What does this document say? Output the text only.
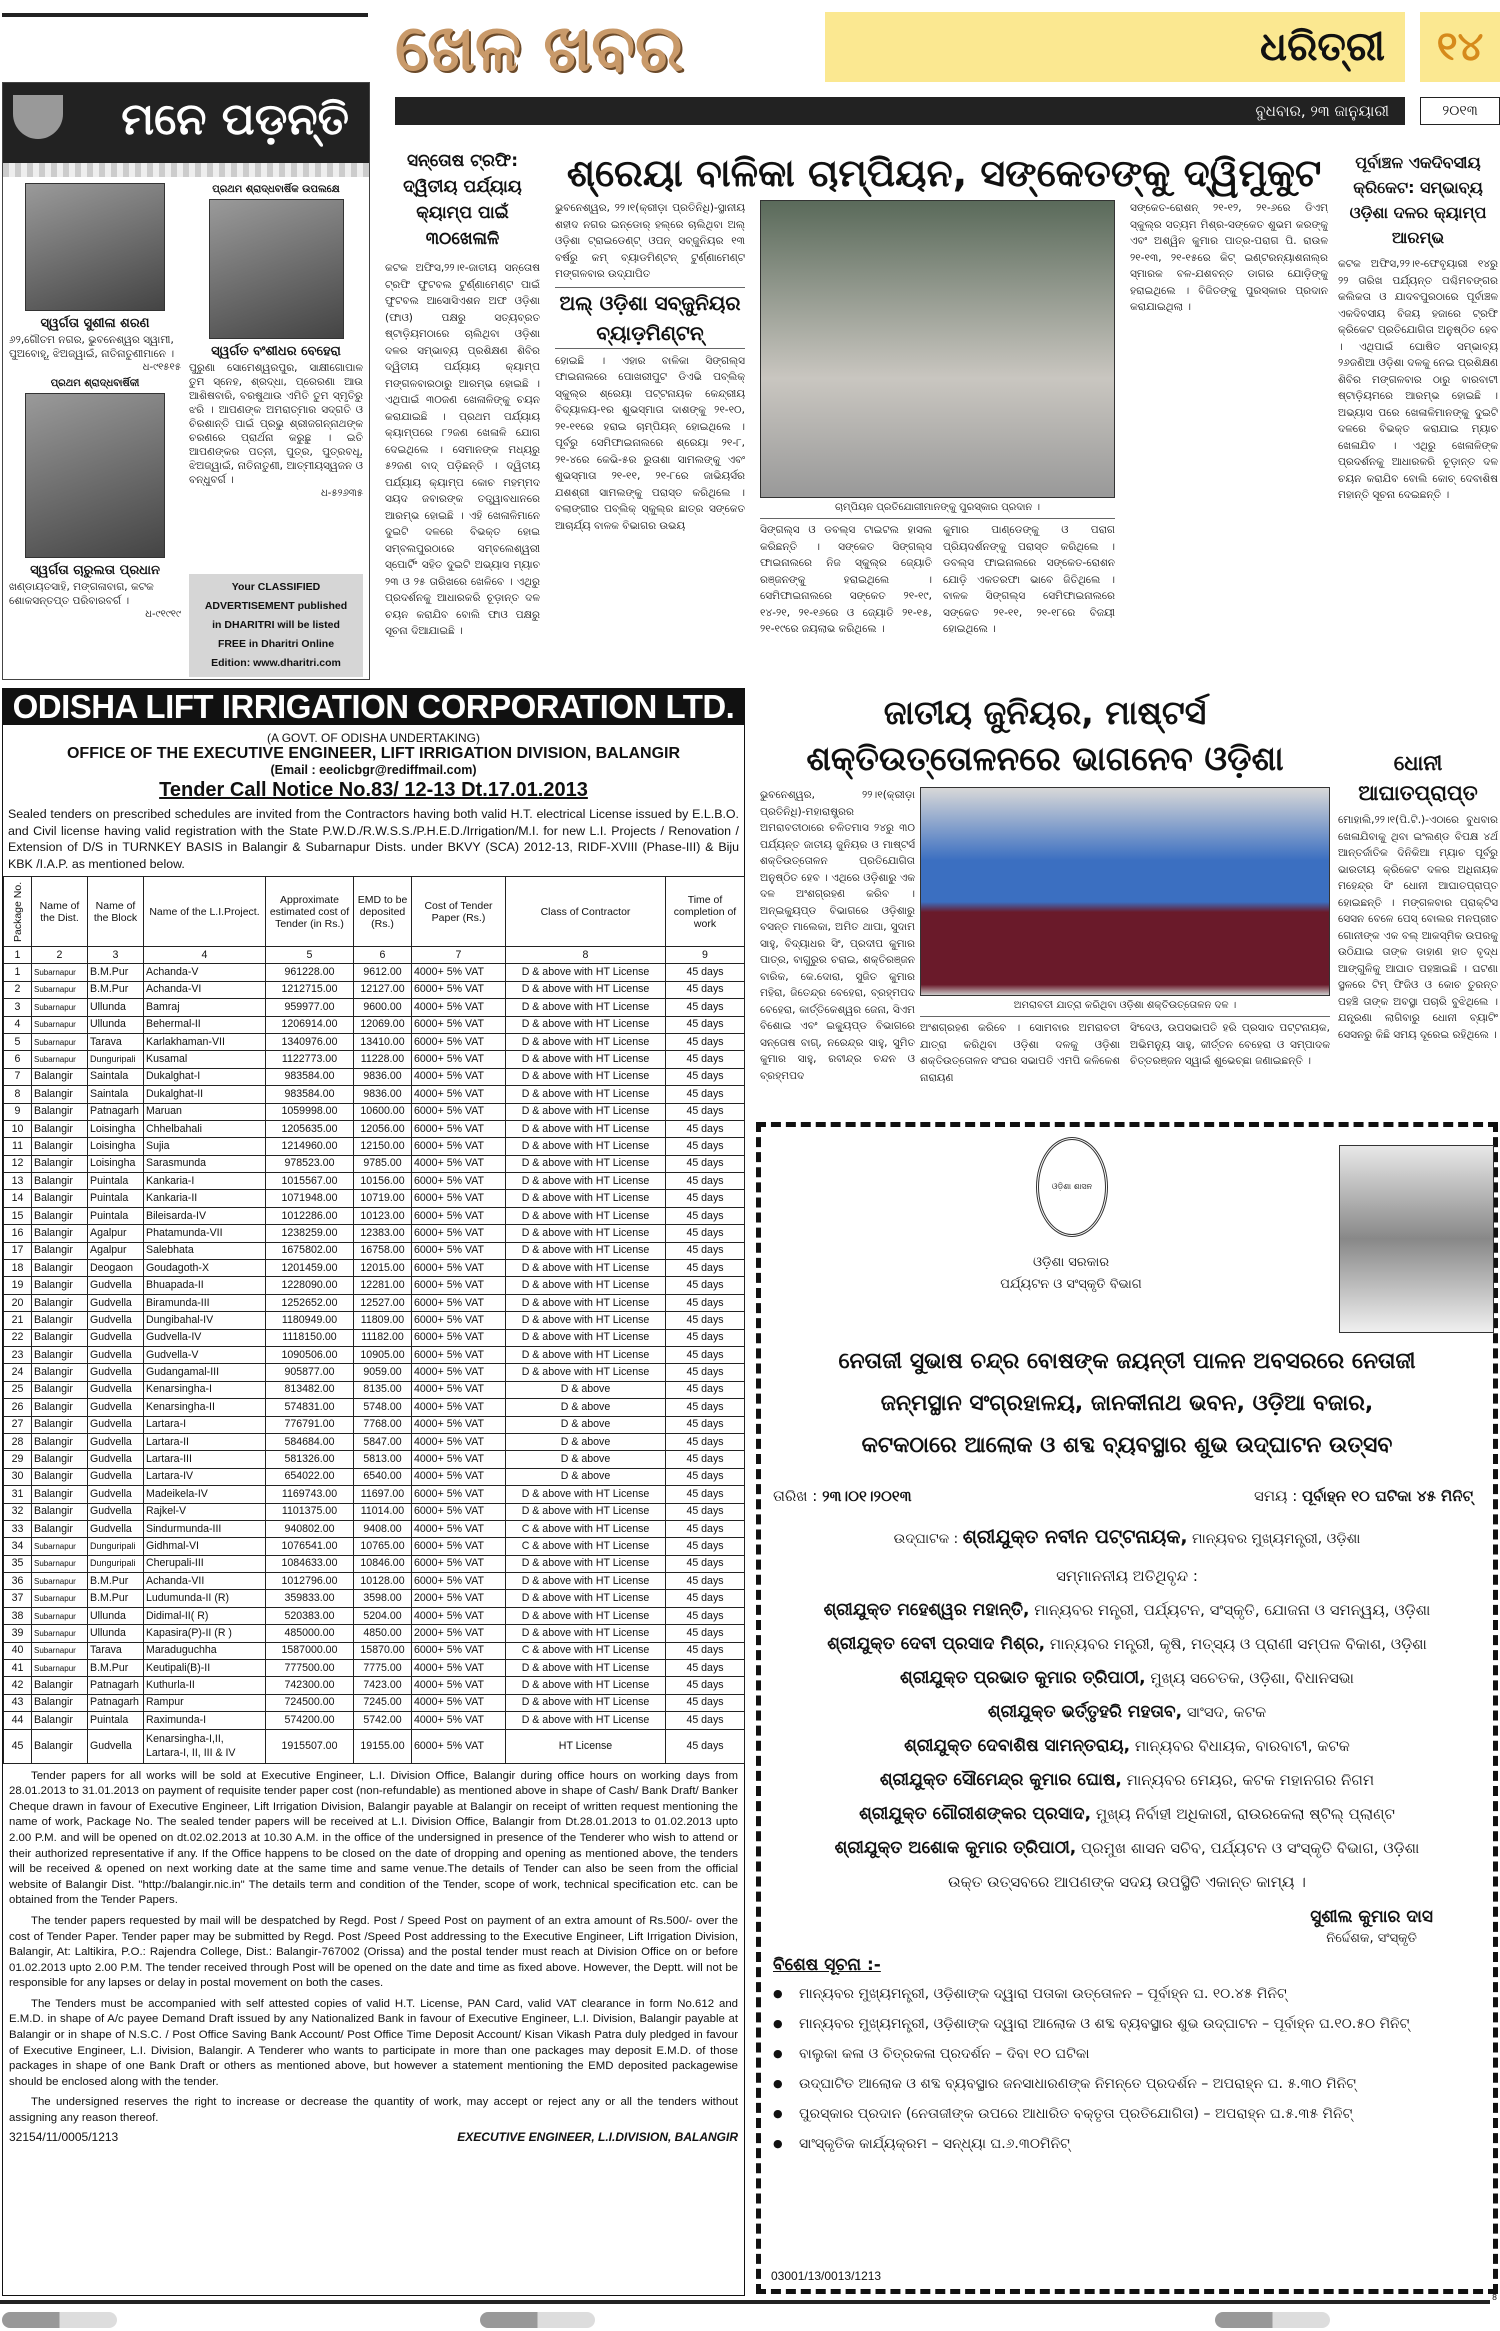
ଖେଳ ଖବର	ଧରିତ୍ରୀ	୧୪
ବୁଧବାର, ୨୩ ଜାନୁୟାରୀ	୨୦୧୩
ମନେ ପଡ଼ନ୍ତି
ସ୍ୱର୍ଗତା ସୁଶୀଳା ଶରଣ
୬୨,ଗୌତମ ନଗର, ଭୁବନେଶ୍ୱର ସ୍ୱାମୀ, ପୁଅବୋହୂ, ଝିଅଜ୍ୱାଇଁ, ନାତିନାତୁଣୀମାନେ ।
ଧ-୯୧୫୧୫
ପ୍ରଥମ ଶ୍ରାଦ୍ଧବାର୍ଷିକୀ
ସ୍ୱର୍ଗତା ଚାରୁଲତା ପ୍ରଧାନ
ଖଣ୍ଡାୟତସାହି, ମଙ୍ଗଳାବାଗ, କଟକ ଶୋକସନ୍ତପ୍ତ ପରିବାରବର୍ଗ ।
ଧ-୯୧୯୧୯
ପ୍ରଥମ ଶ୍ରାଦ୍ଧବାର୍ଷିକ ଉପଲକ୍ଷେ
ସ୍ୱର୍ଗତ ବଂଶୀଧର ବେହେରା
ପୁରୁଣା ସୋମେଶ୍ୱରପୁର, ସାକ୍ଷୀଗୋପାଳ ତୁମ ସ୍ନେହ, ଶ୍ରଦ୍ଧା, ପ୍ରେରଣା ଆଉ ଆଶିଷବାରି, ବରଷୁଥାଉ ଏମିତି ତୁମ ସ୍ମୃତିରୁ ଝରି । ଆପଣଙ୍କ ଅମରାତ୍ମାର ସଦ୍‌ଗତି ଓ ଚିରଶାନ୍ତି ପାଇଁ ପ୍ରଭୁ ଶ୍ରୀଜଗନ୍ନାଥଙ୍କ ଚରଣରେ ପ୍ରାର୍ଥନା କରୁଛୁ । ଇତି ଆପଣଙ୍କର ପତ୍ନୀ, ପୁତ୍ର, ପୁତ୍ରବଧୂ, ଝିଅଜ୍ୱାଇଁ, ନାତିନାତୁଣୀ, ଆତ୍ମୀୟସ୍ୱଜନ ଓ ବନ୍ଧୁବର୍ଗ ।
ଧ-୫୨୬୩୫
Your CLASSIFIED
ADVERTISEMENT published
in DHARITRI will be listed
FREE in Dharitri Online
Edition: www.dharitri.com
ସନ୍ତୋଷ ଟ୍ରଫି: ଦ୍ୱିତୀୟ ପର୍ଯ୍ୟାୟ କ୍ୟାମ୍ପ ପାଇଁ ୩୦ଖେଳାଳି
କଟକ ଅଫିସ,୨୨।୧-ଜାତୀୟ ସନ୍ତୋଷ ଟ୍ରଫି ଫୁଟବଲ ଟୁର୍ଣ୍ଣାମେଣ୍ଟ ପାଇଁ ଫୁଟବଲ ଆସୋସିଏଶନ ଅଫ ଓଡ଼ିଶା (ଫାଓ) ପକ୍ଷରୁ ସତ୍ୟବ୍ରତ ଷ୍ଟାଡ଼ିୟମଠାରେ ଚାଲିଥିବା ଓଡ଼ିଶା ଦଳର ସମ୍ଭାବ୍ୟ ପ୍ରଶିକ୍ଷଣ ଶିବିର ଦ୍ୱିତୀୟ ପର୍ଯ୍ୟାୟ କ୍ୟାମ୍ପ ମଙ୍ଗଳବାରଠାରୁ ଆରମ୍ଭ ହୋଇଛି । ଏଥିପାଇଁ ୩୦ଜଣ ଖେଳାଳିଙ୍କୁ ଚୟନ କରାଯାଇଛି । ପ୍ରଥମ ପର୍ଯ୍ୟାୟ କ୍ୟାମ୍ପରେ ୮୨ଜଣ ଖେଳାଳି ଯୋଗ ଦେଇଥିଲେ । ସେମାନଙ୍କ ମଧ୍ୟରୁ ୫୨ଜଣ ବାଦ୍ ପଡ଼ିଛନ୍ତି । ଦ୍ୱିତୀୟ ପର୍ଯ୍ୟାୟ କ୍ୟାମ୍ପ କୋଚ ମହମ୍ମଦ ସୟଦ ଜବାରଙ୍କ ତତ୍ତ୍ୱାବଧାନରେ ଆରମ୍ଭ ହୋଇଛି । ଏହି ଖେଳାଳିମାନେ ଦୁଇଟି ଦଳରେ ବିଭକ୍ତ ହୋଇ ସମ୍ବଲପୁରଠାରେ ସମ୍ବଲେଶ୍ୱରୀ ସ୍ପୋର୍ଟିଂ ସହିତ ଦୁଇଟି ଅଭ୍ୟାସ ମ୍ୟାଚ ୨୩ ଓ ୨୫ ତାରିଖରେ ଖେଳିବେ । ଏଥିରୁ ପ୍ରଦର୍ଶନକୁ ଆଧାରକରି ଚୂଡ଼ାନ୍ତ ଦଳ ଚୟନ କରାଯିବ ବୋଲି ଫାଓ ପକ୍ଷରୁ ସୂଚନା ଦିଆଯାଇଛି ।
ଶ୍ରେୟା ବାଳିକା ଚାମ୍ପିୟନ, ସଙ୍କେତଙ୍କୁ ଦ୍ୱିମୁକୁଟ
ଭୁବନେଶ୍ୱର, ୨୨।୧(କ୍ରୀଡ଼ା ପ୍ରତିନିଧି)-ସ୍ଥାନୀୟ ଶହୀଦ ନଗର ଇନ୍‌ଡୋର୍ ହଲ୍‌ରେ ଚାଲିଥିବା ଅଲ୍ ଓଡ଼ିଶା ଟ୍ରାଇଡେଣ୍ଟ୍ ଓପନ୍ ସବ୍‌ଜୁନିୟର ୧୩ ବର୍ଷରୁ କମ୍ ବ୍ୟାଡମିଣ୍ଟନ୍ ଟୁର୍ଣ୍ଣାମେଣ୍ଟ ମଙ୍ଗଳବାର ଉଦ୍‌ଯାପିତ
ଅଲ୍ ଓଡ଼ିଶା ସବ୍‌ଜୁନିୟର ବ୍ୟାଡ଼ମିଣ୍ଟନ୍
ହୋଇଛି । ଏହାର ବାଳିକା ସିଙ୍ଗଲ୍ସ ଫାଇନାଲରେ ପୋଖରୀପୁଟ ଡିଏଭି ପବ୍ଲିକ୍ ସ୍କୁଲ୍‌ର ଶ୍ରେୟା ପଟ୍ଟନାୟକ କେନ୍ଦ୍ରୀୟ ବିଦ୍ୟାଳୟ-୧ର ଶୁଭସ୍ମାତା ଦାଶଙ୍କୁ ୨୧-୧୦, ୨୧-୧୧ରେ ହରାଇ ଚାମ୍ପିୟନ୍ ହୋଇଥିଲେ । ପୂର୍ବରୁ ସେମିଫାଇନାଲରେ ଶ୍ରେୟା ୨୧-୮, ୨୧-୪ରେ କେଭି-୫ର ରୁତାଶା ସାମଲଙ୍କୁ ଏବଂ ଶୁଭସ୍ମାତା ୨୧-୧୧, ୨୧-୮ରେ ଜାଭିୟର୍ସର ଯଶଶ୍ରୀ ସାମଲଙ୍କୁ ପରାସ୍ତ କରିଥିଲେ । ବଲାଙ୍ଗୀର ପବ୍ଲିକ୍ ସ୍କୁଲ୍‌ର ଛାତ୍ର ସଙ୍କେତ ଆଚାର୍ଯ୍ୟ ବାଳକ ବିଭାଗର ଉଭୟ
ଚାମ୍ପିୟନ ପ୍ରତିଯୋଗୀମାନଙ୍କୁ ପୁରସ୍କାର ପ୍ରଦାନ ।
ସିଙ୍ଗଲ୍ସ ଓ ଡବଲ୍ସ ଟାଇଟଲ ହାସଲ କରିଛନ୍ତି । ସଙ୍କେତ ସିଙ୍ଗଲ୍ସ ଫାଇନାଲରେ ନିଜ ସ୍କୁଲ୍‌ର ଜ୍ୟୋତି ରଞ୍ଜନଙ୍କୁ ହରାଇଥିଲେ । ସେମିଫାଇନାଲରେ ସଙ୍କେତ ୨୧-୧୯, ୧୪-୨୧, ୨୧-୧୬ରେ ଓ ଜ୍ୟୋତି ୨୧-୧୫, ୨୧-୧୯ରେ ଜୟଲାଭ କରିଥିଲେ ।
କୁମାର ପାଣ୍ଡେଙ୍କୁ ଓ ପରାଗ ପ୍ରିୟଦର୍ଶନଙ୍କୁ ପରାସ୍ତ କରିଥିଲେ । ଡବଲ୍ସ ଫାଇନାଲରେ ସଙ୍କେତ-ରୋଶନ ଯୋଡ଼ି ଏକତରଫା ଭାବେ ଜିତିଥିଲେ । ବାଳକ ସିଙ୍ଗଲ୍ସ ସେମିଫାଇନାଲରେ ସଙ୍କେତ ୨୧-୧୧, ୨୧-୧୮ରେ ବିଜୟୀ ହୋଇଥିଲେ ।
ସଙ୍କେତ-ରୋଶନ୍ ୨୧-୧୨, ୨୧-୬ରେ ଡିଏମ୍ ସ୍କୁଲ୍‌ର ସତ୍ୟମ ମିଶ୍ର-ସଙ୍କେତ ଶୁଭମ କରଙ୍କୁ ଏବଂ ଅଶ୍ୱିନ କୁମାର ପାତ୍ର-ପରାଗ ପି. ରାଉଳ ୨୧-୧୩, ୨୧-୧୫ରେ କିଟ୍ ଇଣ୍ଟରନ୍ୟାଶନାଲ୍‌ର ସ୍ମାରକ ବଳ-ଯଶବନ୍ତ ଡାଗର ଯୋଡ଼ିଙ୍କୁ ହରାଇଥିଲେ । ବିଜିତଙ୍କୁ ପୁରସ୍କାର ପ୍ରଦାନ କରାଯାଇଥିଲା ।
ପୂର୍ବାଞ୍ଚଳ ଏକଦିବସୀୟ କ୍ରିକେଟ: ସମ୍ଭାବ୍ୟ ଓଡ଼ିଶା ଦଳର କ୍ୟାମ୍ପ ଆରମ୍ଭ
କଟକ ଅଫିସ,୨୨।୧-ଫେବୃୟାରୀ ୧୪ରୁ ୨୨ ତାରିଖ ପର୍ଯ୍ୟନ୍ତ ପଶ୍ଚିମବଙ୍ଗର କଲିକତା ଓ ଯାଦବପୁରଠାରେ ପୂର୍ବାଞ୍ଚଳ ଏକଦିବସୀୟ ବିଜୟ ହଜାରେ ଟ୍ରଫି କ୍ରିକେଟ ପ୍ରତିଯୋଗିତା ଅନୁଷ୍ଠିତ ହେବ । ଏଥିପାଇଁ ଘୋଷିତ ସମ୍ଭାବ୍ୟ ୨୬ଜଣିଆ ଓଡ଼ିଶା ଦଳକୁ ନେଇ ପ୍ରଶିକ୍ଷଣ ଶିବିର ମଙ୍ଗଳବାର ଠାରୁ ବାରବାଟୀ ଷ୍ଟାଡ଼ିୟମରେ ଆରମ୍ଭ ହୋଇଛି । ଅଭ୍ୟାସ ପରେ ଖେଳାଳିମାନଙ୍କୁ ଦୁଇଟି ଦଳରେ ବିଭକ୍ତ କରାଯାଇ ମ୍ୟାଚ ଖେଳାଯିବ । ଏଥିରୁ ଖେଳାଳିଙ୍କ ପ୍ରଦର୍ଶନକୁ ଆଧାରକରି ଚୂଡ଼ାନ୍ତ ଦଳ ଚୟନ କରାଯିବ ବୋଲି କୋଚ୍ ଦେବାଶିଷ ମହାନ୍ତି ସୂଚନା ଦେଇଛନ୍ତି ।
ଧୋନୀ ଆଘାତପ୍ରାପ୍ତ
ମୋହାଲି,୨୨।୧(ପି.ଟି.)-ଏଠାରେ ବୁଧବାର ଖେଳାଯିବାକୁ ଥିବା ଇଂଲଣ୍ଡ ବିପକ୍ଷ ୪ର୍ଥ ଆନ୍ତର୍ଜାତିକ ଦିନିକିଆ ମ୍ୟାଚ ପୂର୍ବରୁ ଭାରତୀୟ କ୍ରିକେଟ ଦଳର ଅଧିନାୟକ ମହେନ୍ଦ୍ର ସିଂ ଧୋନୀ ଆଘାତପ୍ରାପ୍ତ ହୋଇଛନ୍ତି । ମଙ୍ଗଳବାର ପ୍ରାକ୍ଟିସ ସେସନ ବେଳେ ପେସ୍ ବୋଲର ମନପ୍ରୀତ ଗୋନୀଙ୍କ ଏକ ବଲ୍ ଆକସ୍ମିକ ଉପରକୁ ଉଠିଯାଇ ତାଙ୍କ ଡାହାଣ ହାତ ବୃଦ୍ଧ ଆଙ୍ଗୁଳିକୁ ଆଘାତ ପହଞ୍ଚାଇଛି । ଘଟଣା ସ୍ଥଳରେ ଟିମ୍ ଫିଜିଓ ଓ କୋଚ ତୁରନ୍ତ ପହଞ୍ଚି ତାଙ୍କ ଅବସ୍ଥା ପଚାରି ବୁଝିଥିଲେ । ଯନ୍ତ୍ରଣା ଲାଗିବାରୁ ଧୋନୀ ବ୍ୟାଟିଂ ସେସନରୁ କିଛି ସମୟ ଦୂରେଇ ରହିଥିଲେ ।
ଜାତୀୟ ଜୁନିୟର, ମାଷ୍ଟର୍ସ ଶକ୍ତିଉତ୍ତୋଳନରେ ଭାଗନେବ ଓଡ଼ିଶା
ଭୁବନେଶ୍ୱର, ୨୨।୧(କ୍ରୀଡ଼ା ପ୍ରତିନିଧି)-ମହାରାଷ୍ଟ୍ରର ଅମରାବତୀଠାରେ ଚଳିତମାସ ୨୪ରୁ ୩୦ ପର୍ଯ୍ୟନ୍ତ ଜାତୀୟ ଜୁନିୟର ଓ ମାଷ୍ଟର୍ସ ଶକ୍ତିଉତ୍ତୋଳନ ପ୍ରତିଯୋଗିତା ଅନୁଷ୍ଠିତ ହେବ । ଏଥିରେ ଓଡ଼ିଶାରୁ ଏକ ଦଳ ଅଂଶଗ୍ରହଣ କରିବ । ଅନ୍‌ଇକ୍ୟୁପ୍‌ଡ ବିଭାଗରେ ଓଡ଼ିଶାରୁ ବସନ୍ତ ମାଲେକା, ଅମିତ ଥାପା, ସୁଦାମ ସାହୁ, ବିଦ୍ୟାଧର ସିଂ, ପ୍ରଦୀପ କୁମାର ପାତ୍ର, ବାଗୁରୁର ଚରାଇ, ଶକ୍ତିରଞ୍ଜନ ବାରିକ, କେ.ଦୋରା, ସୁଜିତ କୁମାର ମହିରା, ଜିତେନ୍ଦ୍ର ବେହେରା, ବ୍ରହ୍ମପଦ ବେହେରା, କାର୍ତ୍ତିକେଶ୍ୱର ଜେନା, ସିଏମ ବିଶୋଇ ଏବଂ ଇକ୍ୟୁପ୍‌ଡ ବିଭାଗରେ ସନ୍ତୋଷ ବାଗ୍, ନରେନ୍ଦ୍ର ସାହୁ, ସୁମିତ କୁମାର ସାହୁ, ରବୀନ୍ଦ୍ର ଚନ୍ଦନ ଓ ବ୍ରହ୍ମପଦ
ଅମରାବତୀ ଯାତ୍ରା କରିଥିବା ଓଡ଼ିଶା ଶକ୍ତିଉତ୍ତୋଳନ ଦଳ ।
ଅଂଶଗ୍ରହଣ କରିବେ । ସୋମବାର ଅମରାବତୀ ଯାତ୍ରା କରିଥିବା ଓଡ଼ିଶା ଦଳକୁ ଓଡ଼ିଶା ଶକ୍ତିଉତ୍ତୋଳନ ସଂଘର ସଭାପତି ଏମପି କଳିକେଶ ନାରାୟଣ
ସିଂଦେଓ, ଉପସଭାପତି ହରି ପ୍ରସାଦ ପଟ୍ଟନାୟକ, ଅଭିମନ୍ୟୁ ସାହୁ, କୀର୍ତ୍ତନ ବେହେରା ଓ ସମ୍ପାଦକ ଚିତ୍ତରଞ୍ଜନ ସ୍ୱାଇଁ ଶୁଭେଚ୍ଛା ଜଣାଇଛନ୍ତି ।
ODISHA LIFT IRRIGATION CORPORATION LTD.
(A GOVT. OF ODISHA UNDERTAKING)
OFFICE OF THE EXECUTIVE ENGINEER, LIFT IRRIGATION DIVISION, BALANGIR
(Email : eeolicbgr@rediffmail.com)
Tender Call Notice No.83/ 12-13 Dt.17.01.2013
Sealed tenders on prescribed schedules are invited from the Contractors having both valid H.T. electrical License issued by E.L.B.O. and Civil license having valid registration with the State P.W.D./R.W.S.S./P.H.E.D./Irrigation/M.I. for new L.I. Projects / Renovation / Extension of D/S in TURNKEY BASIS in Balangir & Subarnapur Dists. under BKVY (SCA) 2012-13, RIDF-XVIII (Phase-III) & Biju KBK /I.A.P. as mentioned below.
Package No.	Name of the Dist.	Name of the Block	Name of the L.I.Project.	Approximate estimated cost of Tender (in Rs.)	EMD to be deposited (Rs.)	Cost of Tender Paper (Rs.)	Class of Contractor	Time of completion of work
1	2	3	4	5	6	7	8	9
1	Subarnapur	B.M.Pur	Achanda-V	961228.00	9612.00	4000+ 5% VAT	D & above with HT License	45 days
2	Subarnapur	B.M.Pur	Achanda-VI	1212715.00	12127.00	6000+ 5% VAT	D & above with HT License	45 days
3	Subarnapur	Ullunda	Bamraj	959977.00	9600.00	4000+ 5% VAT	D & above with HT License	45 days
4	Subarnapur	Ullunda	Behermal-II	1206914.00	12069.00	6000+ 5% VAT	D & above with HT License	45 days
5	Subarnapur	Tarava	Karlakhaman-VII	1340976.00	13410.00	6000+ 5% VAT	D & above with HT License	45 days
6	Subarnapur	Dunguripali	Kusamal	1122773.00	11228.00	6000+ 5% VAT	D & above with HT License	45 days
7	Balangir	Saintala	Dukalghat-I	983584.00	9836.00	4000+ 5% VAT	D & above with HT License	45 days
8	Balangir	Saintala	Dukalghat-II	983584.00	9836.00	4000+ 5% VAT	D & above with HT License	45 days
9	Balangir	Patnagarh	Maruan	1059998.00	10600.00	6000+ 5% VAT	D & above with HT License	45 days
10	Balangir	Loisingha	Chhelbahali	1205635.00	12056.00	6000+ 5% VAT	D & above with HT License	45 days
11	Balangir	Loisingha	Sujia	1214960.00	12150.00	6000+ 5% VAT	D & above with HT License	45 days
12	Balangir	Loisingha	Sarasmunda	978523.00	9785.00	4000+ 5% VAT	D & above with HT License	45 days
13	Balangir	Puintala	Kankaria-I	1015567.00	10156.00	6000+ 5% VAT	D & above with HT License	45 days
14	Balangir	Puintala	Kankaria-II	1071948.00	10719.00	6000+ 5% VAT	D & above with HT License	45 days
15	Balangir	Puintala	Bileisarda-IV	1012286.00	10123.00	6000+ 5% VAT	D & above with HT License	45 days
16	Balangir	Agalpur	Phatamunda-VII	1238259.00	12383.00	6000+ 5% VAT	D & above with HT License	45 days
17	Balangir	Agalpur	Salebhata	1675802.00	16758.00	6000+ 5% VAT	D & above with HT License	45 days
18	Balangir	Deogaon	Goudagoth-X	1201459.00	12015.00	6000+ 5% VAT	D & above with HT License	45 days
19	Balangir	Gudvella	Bhuapada-II	1228090.00	12281.00	6000+ 5% VAT	D & above with HT License	45 days
20	Balangir	Gudvella	Biramunda-III	1252652.00	12527.00	6000+ 5% VAT	D & above with HT License	45 days
21	Balangir	Gudvella	Dungibahal-IV	1180949.00	11809.00	6000+ 5% VAT	D & above with HT License	45 days
22	Balangir	Gudvella	Gudvella-IV	1118150.00	11182.00	6000+ 5% VAT	D & above with HT License	45 days
23	Balangir	Gudvella	Gudvella-V	1090506.00	10905.00	6000+ 5% VAT	D & above with HT License	45 days
24	Balangir	Gudvella	Gudangamal-III	905877.00	9059.00	4000+ 5% VAT	D & above with HT License	45 days
25	Balangir	Gudvella	Kenarsingha-I	813482.00	8135.00	4000+ 5% VAT	D & above	45 days
26	Balangir	Gudvella	Kenarsingha-II	574831.00	5748.00	4000+ 5% VAT	D & above	45 days
27	Balangir	Gudvella	Lartara-I	776791.00	7768.00	4000+ 5% VAT	D & above	45 days
28	Balangir	Gudvella	Lartara-II	584684.00	5847.00	4000+ 5% VAT	D & above	45 days
29	Balangir	Gudvella	Lartara-III	581326.00	5813.00	4000+ 5% VAT	D & above	45 days
30	Balangir	Gudvella	Lartara-IV	654022.00	6540.00	4000+ 5% VAT	D & above	45 days
31	Balangir	Gudvella	Madeikela-IV	1169743.00	11697.00	6000+ 5% VAT	D & above with HT License	45 days
32	Balangir	Gudvella	Rajkel-V	1101375.00	11014.00	6000+ 5% VAT	D & above with HT License	45 days
33	Balangir	Gudvella	Sindurmunda-III	940802.00	9408.00	4000+ 5% VAT	C & above with HT License	45 days
34	Subarnapur	Dunguripali	Gidhmal-VI	1076541.00	10765.00	6000+ 5% VAT	C & above with HT License	45 days
35	Subarnapur	Dunguripali	Cherupali-III	1084633.00	10846.00	6000+ 5% VAT	D & above with HT License	45 days
36	Subarnapur	B.M.Pur	Achanda-VII	1012796.00	10128.00	6000+ 5% VAT	D & above with HT License	45 days
37	Subarnapur	B.M.Pur	Ludumunda-II (R)	359833.00	3598.00	2000+ 5% VAT	D & above with HT License	45 days
38	Subarnapur	Ullunda	Didimal-II( R)	520383.00	5204.00	4000+ 5% VAT	D & above with HT License	45 days
39	Subarnapur	Ullunda	Kapasira(P)-II (R )	485000.00	4850.00	2000+ 5% VAT	D & above with HT License	45 days
40	Subarnapur	Tarava	Maraduguchha	1587000.00	15870.00	6000+ 5% VAT	C & above with HT License	45 days
41	Subarnapur	B.M.Pur	Keutipali(B)-II	777500.00	7775.00	4000+ 5% VAT	D & above with HT License	45 days
42	Balangir	Patnagarh	Kuthurla-II	742300.00	7423.00	4000+ 5% VAT	D & above with HT License	45 days
43	Balangir	Patnagarh	Rampur	724500.00	7245.00	4000+ 5% VAT	D & above with HT License	45 days
44	Balangir	Puintala	Raximunda-I	574200.00	5742.00	4000+ 5% VAT	D & above with HT License	45 days
45	Balangir	Gudvella	Kenarsingha-I,II, Lartara-I, II, III & IV	1915507.00	19155.00	6000+ 5% VAT	HT License	45 days
Tender papers for all works will be sold at Executive Engineer, L.I. Division Office, Balangir during office hours on working days from 28.01.2013 to 31.01.2013 on payment of requisite tender paper cost (non-refundable) as mentioned above in shape of Cash/ Bank Draft/ Banker Cheque drawn in favour of Executive Engineer, Lift Irrigation Division, Balangir payable at Balangir on receipt of written request mentioning the name of work, Package No. The sealed tender papers will be received at L.I. Division Office, Balangir from Dt.28.01.2013 to 01.02.2013 upto 2.00 P.M. and will be opened on dt.02.02.2013 at 10.30 A.M. in the office of the undersigned in presence of the Tenderer who wish to attend or their authorized representative if any. If the Office happens to be closed on the date of dropping and opening as mentioned above, the tenders will be received & opened on next working date at the same time and same venue.The details of Tender can also be seen from the official website of Balangir Dist. "http://balangir.nic.in" The details term and condition of the Tender, scope of work, technical specification etc. can be obtained from the Tender Papers.
The tender papers requested by mail will be despatched by Regd. Post / Speed Post on payment of an extra amount of Rs.500/- over the cost of Tender Paper. Tender paper may be submitted by Regd. Post /Speed Post addressing to the Executive Engineer, Lift Irrigation Division, Balangir, At: Laltikira, P.O.: Rajendra College, Dist.: Balangir-767002 (Orissa) and the postal tender must reach at Division Office on or before 01.02.2013 upto 2.00 P.M. The tender received through Post will be opened on the date and time as fixed above. However, the Deptt. will not be responsible for any lapses or delay in postal movement on both the cases.
The Tenders must be accompanied with self attested copies of valid H.T. License, PAN Card, valid VAT clearance in form No.612 and E.M.D. in shape of A/c payee Demand Draft issued by any Nationalized Bank in favour of Executive Engineer, L.I. Division, Balangir payable at Balangir or in shape of N.S.C. / Post Office Saving Bank Account/ Post Office Time Deposit Account/ Kisan Vikash Patra duly pledged in favour of Executive Engineer, L.I. Division, Balangir. A Tenderer who wants to participate in more than one packages may deposit E.M.D. of those packages in shape of one Bank Draft or others as mentioned above, but however a statement mentioning the EMD deposited packagewise should be enclosed along with the tender.
The undersigned reserves the right to increase or decrease the quantity of work, may accept or reject any or all the tenders without assigning any reason thereof.
32154/11/0005/1213	EXECUTIVE ENGINEER, L.I.DIVISION, BALANGIR
ଓଡ଼ିଶା ଶାସନ
ଓଡ଼ିଶା ସରକାର
ପର୍ଯ୍ୟଟନ ଓ ସଂସ୍କୃତି ବିଭାଗ
ନେତାଜୀ ସୁଭାଷ ଚନ୍ଦ୍ର ବୋଷଙ୍କ ଜୟନ୍ତୀ ପାଳନ ଅବସରରେ ନେତାଜୀ
ଜନ୍ମସ୍ଥାନ ସଂଗ୍ରହାଳୟ, ଜାନକୀନାଥ ଭବନ, ଓଡ଼ିଆ ବଜାର,
କଟକଠାରେ ଆଲୋକ ଓ ଶବ୍ଦ ବ୍ୟବସ୍ଥାର ଶୁଭ ଉଦ୍‌ଘାଟନ ଉତ୍ସବ
ତାରିଖ : ୨୩।୦୧।୨୦୧୩	ସମୟ : ପୂର୍ବାହ୍ନ ୧୦ ଘଟିକା ୪୫ ମିନିଟ୍
ଉଦ୍‌ଘାଟକ : ଶ୍ରୀଯୁକ୍ତ ନବୀନ ପଟ୍ଟନାୟକ, ମାନ୍ୟବର ମୁଖ୍ୟମନ୍ତ୍ରୀ, ଓଡ଼ିଶା
ସମ୍ମାନନୀୟ ଅତିଥିବୃନ୍ଦ :
ଶ୍ରୀଯୁକ୍ତ ମହେଶ୍ୱର ମହାନ୍ତି, ମାନ୍ୟବର ମନ୍ତ୍ରୀ, ପର୍ଯ୍ୟଟନ, ସଂସ୍କୃତି, ଯୋଜନା ଓ ସମନ୍ୱୟ, ଓଡ଼ିଶା
ଶ୍ରୀଯୁକ୍ତ ଦେବୀ ପ୍ରସାଦ ମିଶ୍ର, ମାନ୍ୟବର ମନ୍ତ୍ରୀ, କୃଷି, ମତ୍ସ୍ୟ ଓ ପ୍ରାଣୀ ସମ୍ପଳ ବିକାଶ, ଓଡ଼ିଶା
ଶ୍ରୀଯୁକ୍ତ ପ୍ରଭାତ କୁମାର ତ୍ରିପାଠୀ, ମୁଖ୍ୟ ସଚେତକ, ଓଡ଼ିଶା, ବିଧାନସଭା
ଶ୍ରୀଯୁକ୍ତ ଭର୍ତ୍ତୃହରି ମହତାବ, ସାଂସଦ, କଟକ
ଶ୍ରୀଯୁକ୍ତ ଦେବାଶିଷ ସାମନ୍ତରାୟ, ମାନ୍ୟବର ବିଧାୟକ, ବାରବାଟୀ, କଟକ
ଶ୍ରୀଯୁକ୍ତ ସୌମେନ୍ଦ୍ର କୁମାର ଘୋଷ, ମାନ୍ୟବର ମେୟର, କଟକ ମହାନଗର ନିଗମ
ଶ୍ରୀଯୁକ୍ତ ଗୌରୀଶଙ୍କର ପ୍ରସାଦ, ମୁଖ୍ୟ ନିର୍ବାହୀ ଅଧିକାରୀ, ରାଉରକେଲା ଷ୍ଟିଲ୍ ପ୍ଲାଣ୍ଟ
ଶ୍ରୀଯୁକ୍ତ ଅଶୋକ କୁମାର ତ୍ରିପାଠୀ, ପ୍ରମୁଖ ଶାସନ ସଚିବ, ପର୍ଯ୍ୟଟନ ଓ ସଂସ୍କୃତି ବିଭାଗ, ଓଡ଼ିଶା
ଉକ୍ତ ଉତ୍ସବରେ ଆପଣଙ୍କ ସଦୟ ଉପସ୍ଥିତି ଏକାନ୍ତ କାମ୍ୟ ।
ସୁଶୀଲ କୁମାର ଦାସ
ନିର୍ଦ୍ଦେଶକ, ସଂସ୍କୃତି
ବିଶେଷ ସୂଚନା :-
● ମାନ୍ୟବର ମୁଖ୍ୟମନ୍ତ୍ରୀ, ଓଡ଼ିଶାଙ୍କ ଦ୍ୱାରା ପତାକା ଉତ୍ତୋଳନ – ପୂର୍ବାହ୍ନ ଘ. ୧୦.୪୫ ମିନିଟ୍
● ମାନ୍ୟବର ମୁଖ୍ୟମନ୍ତ୍ରୀ, ଓଡ଼ିଶାଙ୍କ ଦ୍ୱାରା ଆଲୋକ ଓ ଶବ୍ଦ ବ୍ୟବସ୍ଥାର ଶୁଭ ଉଦ୍‌ଘାଟନ – ପୂର୍ବାହ୍ନ ଘ.୧୦.୫୦ ମିନିଟ୍
● ବାଲୁକା କଳା ଓ ଚିତ୍ରକଳା ପ୍ରଦର୍ଶନ – ଦିବା ୧୦ ଘଟିକା
● ଉଦ୍‌ଘାଟିତ ଆଲୋକ ଓ ଶବ୍ଦ ବ୍ୟବସ୍ଥାର ଜନସାଧାରଣଙ୍କ ନିମନ୍ତେ ପ୍ରଦର୍ଶନ – ଅପରାହ୍ନ ଘ. ୫.୩୦ ମିନିଟ୍
● ପୁରସ୍କାର ପ୍ରଦାନ (ନେତାଜୀଙ୍କ ଉପରେ ଆଧାରିତ ବକ୍ତୃତା ପ୍ରତିଯୋଗିତା) – ଅପରାହ୍ନ ଘ.୫.୩୫ ମିନିଟ୍
● ସାଂସ୍କୃତିକ କାର୍ଯ୍ୟକ୍ରମ – ସନ୍ଧ୍ୟା ଘ.୬.୩୦ମିନିଟ୍
03001/13/0013/1213
8
